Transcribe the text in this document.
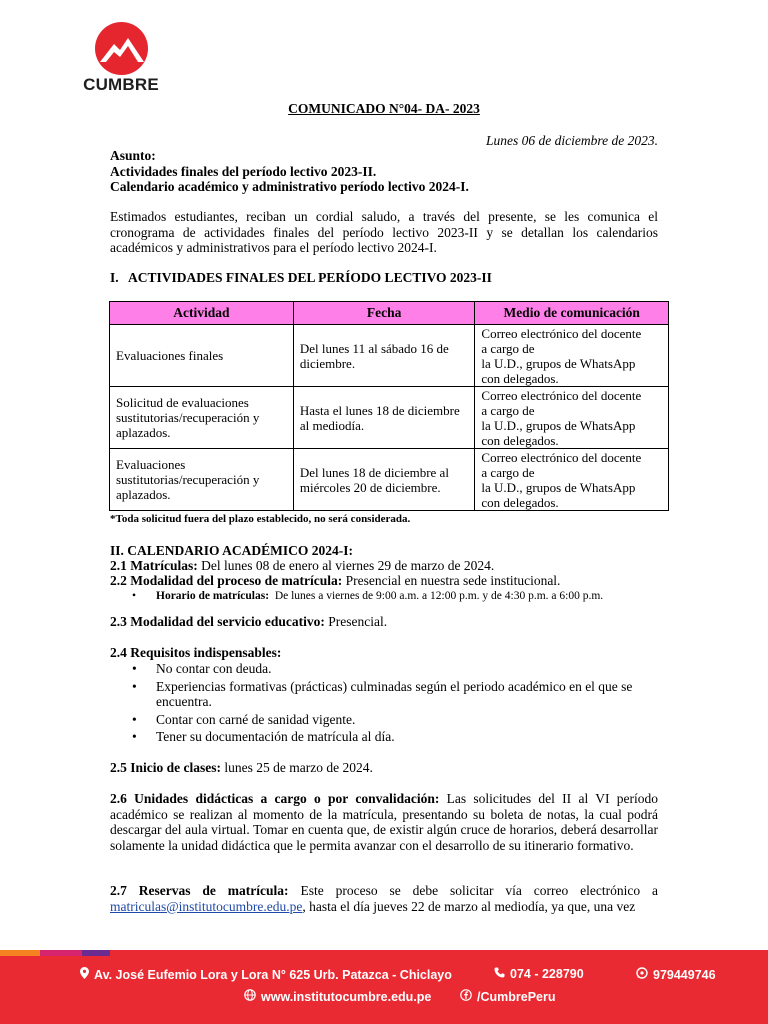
CUMBRE
COMUNICADO N°04- DA- 2023
Lunes 06 de diciembre de 2023.
Asunto:
Actividades finales del período lectivo 2023-II.
Calendario académico y administrativo período lectivo 2024-I.
Estimados estudiantes, reciban un cordial saludo, a través del presente, se les comunica el cronograma de actividades finales del período lectivo 2023-II y se detallan los calendarios académicos y administrativos para el período lectivo 2024-I.
I.   ACTIVIDADES FINALES DEL PERÍODO LECTIVO 2023-II
Actividad	Fecha	Medio de comunicación
Evaluaciones finales	Del lunes 11 al sábado 16 de diciembre.	Correo electrónico del docente
a cargo de
la U.D., grupos de WhatsApp
con delegados.

Solicitud de evaluaciones sustitutorias/recuperación y aplazados.	Hasta el lunes 18 de diciembre al mediodía.	Correo electrónico del docente
a cargo de
la U.D., grupos de WhatsApp
con delegados.

Evaluaciones sustitutorias/recuperación y aplazados.	Del lunes 18 de diciembre al miércoles 20 de diciembre.	Correo electrónico del docente
a cargo de
la U.D., grupos de WhatsApp
con delegados.
*Toda solicitud fuera del plazo establecido, no será considerada.
II. CALENDARIO ACADÉMICO 2024-I:
2.1 Matrículas: Del lunes 08 de enero al viernes 29 de marzo de 2024.
2.2 Modalidad del proceso de matrícula: Presencial en nuestra sede institucional.
• Horario de matrículas:  De lunes a viernes de 9:00 a.m. a 12:00 p.m. y de 4:30 p.m. a 6:00 p.m.
2.3 Modalidad del servicio educativo: Presencial.
2.4 Requisitos indispensables:
• No contar con deuda.
• Experiencias formativas (prácticas) culminadas según el periodo académico en el que se encuentra.
• Contar con carné de sanidad vigente.
• Tener su documentación de matrícula al día.
2.5 Inicio de clases: lunes 25 de marzo de 2024.
2.6 Unidades didácticas a cargo o por convalidación: Las solicitudes del II al VI período académico se realizan al momento de la matrícula, presentando su boleta de notas, la cual podrá descargar del aula virtual. Tomar en cuenta que, de existir algún cruce de horarios, deberá desarrollar solamente la unidad didáctica que le permita avanzar con el desarrollo de su itinerario formativo.
2.7 Reservas de matrícula: Este proceso se debe solicitar vía correo electrónico a matriculas@institutocumbre.edu.pe, hasta el día jueves 22 de marzo al mediodía, ya que, una vez
Av. José Eufemio Lora y Lora N° 625 Urb. Patazca - Chiclayo	074 - 228790	979449746
www.institutocumbre.edu.pe	/CumbrePeru
